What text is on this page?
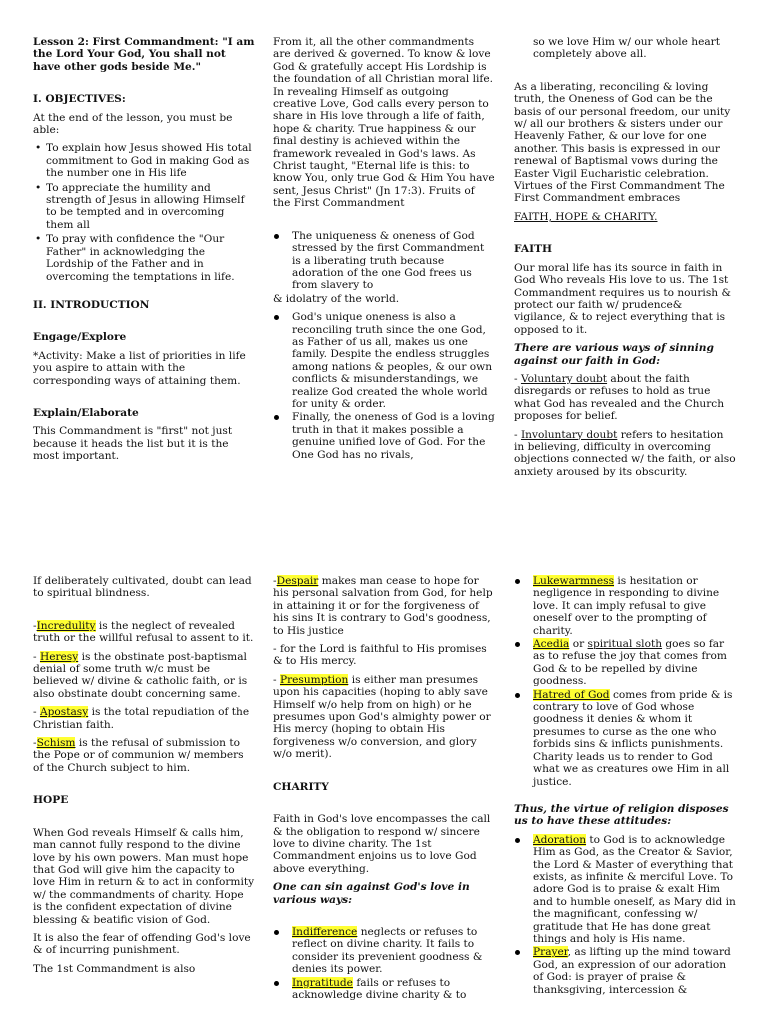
Lesson 2: First Commandment: "I am the Lord Your God, You shall not have other gods beside Me."

I. OBJECTIVES:

At the end of the lesson, you must be able:

• To explain how Jesus showed His total commitment to God in making God as the number one in His life

• To appreciate the humility and strength of Jesus in allowing Himself to be tempted and in overcoming them all

• To pray with confidence the "Our Father" in acknowledging the Lordship of the Father and in overcoming the temptations in life.

II. INTRODUCTION

Engage/Explore

*Activity: Make a list of priorities in life you aspire to attain with the corresponding ways of attaining them.

Explain/Elaborate

This Commandment is "first" not just because it heads the list but it is the most important.

From it, all the other commandments are derived & governed. To know & love God & gratefully accept His Lordship is the foundation of all Christian moral life. In revealing Himself as outgoing creative Love, God calls every person to share in His love through a life of faith, hope & charity. True happiness & our final destiny is achieved within the framework revealed in God's laws. As Christ taught, "Eternal life is this: to know You, only true God & Him You have sent, Jesus Christ" (Jn 17:3). Fruits of the First Commandment

The uniqueness & oneness of God stressed by the first Commandment is a liberating truth because adoration of the one God frees us from slavery to

& idolatry of the world.

God's unique oneness is also a reconciling truth since the one God, as Father of us all, makes us one family. Despite the endless struggles among nations & peoples, & our own conflicts & misunderstandings, we realize God created the whole world for unity & order.

Finally, the oneness of God is a loving truth in that it makes possible a genuine unified love of God. For the One God has no rivals,

so we love Him w/ our whole heart completely above all.

As a liberating, reconciling & loving truth, the Oneness of God can be the basis of our personal freedom, our unity w/ all our brothers & sisters under our Heavenly Father, & our love for one another. This basis is expressed in our renewal of Baptismal vows during the Easter Vigil Eucharistic celebration. Virtues of the First Commandment The First Commandment embraces

FAITH, HOPE & CHARITY.

FAITH

Our moral life has its source in faith in God Who reveals His love to us. The 1st Commandment requires us to nourish & protect our faith w/ prudence& vigilance, & to reject everything that is opposed to it.

There are various ways of sinning against our faith in God:

- Voluntary doubt about the faith disregards or refuses to hold as true what God has revealed and the Church proposes for belief.

- Involuntary doubt refers to hesitation in believing, difficulty in overcoming objections connected w/ the faith, or also anxiety aroused by its obscurity.

If deliberately cultivated, doubt can lead to spiritual blindness.

-Incredulity is the neglect of revealed truth or the willful refusal to assent to it.

- Heresy is the obstinate post-baptismal denial of some truth w/c must be believed w/ divine & catholic faith, or is also obstinate doubt concerning same.

- Apostasy is the total repudiation of the Christian faith.

-Schism is the refusal of submission to the Pope or of communion w/ members of the Church subject to him.

HOPE

When God reveals Himself & calls him, man cannot fully respond to the divine love by his own powers. Man must hope that God will give him the capacity to love Him in return & to act in conformity w/ the commandments of charity. Hope is the confident expectation of divine blessing & beatific vision of God.

It is also the fear of offending God's love & of incurring punishment.

The 1st Commandment is also

-Despair makes man cease to hope for his personal salvation from God, for help in attaining it or for the forgiveness of his sins It is contrary to God's goodness, to His justice

- for the Lord is faithful to His promises & to His mercy.

- Presumption is either man presumes upon his capacities (hoping to ably save Himself w/o help from on high) or he presumes upon God's almighty power or His mercy (hoping to obtain His forgiveness w/o conversion, and glory w/o merit).

CHARITY

Faith in God's love encompasses the call & the obligation to respond w/ sincere love to divine charity. The 1st Commandment enjoins us to love God above everything.

One can sin against God's love in various ways:

Indifference neglects or refuses to reflect on divine charity. It fails to consider its prevenient goodness & denies its power.

Ingratitude fails or refuses to acknowledge divine charity & to

Lukewarmness is hesitation or negligence in responding to divine love. It can imply refusal to give oneself over to the prompting of charity.

Acedia or spiritual sloth goes so far as to refuse the joy that comes from God & to be repelled by divine goodness.

Hatred of God comes from pride & is contrary to love of God whose goodness it denies & whom it presumes to curse as the one who forbids sins & inflicts punishments. Charity leads us to render to God what we as creatures owe Him in all justice.

Thus, the virtue of religion disposes us to have these attitudes:

Adoration to God is to acknowledge Him as God, as the Creator & Savior, the Lord & Master of everything that exists, as infinite & merciful Love. To adore God is to praise & exalt Him and to humble oneself, as Mary did in the magnificant, confessing w/ gratitude that He has done great things and holy is His name.

Prayer, as lifting up the mind toward God, an expression of our adoration of God: is prayer of praise & thanksgiving, intercession &
